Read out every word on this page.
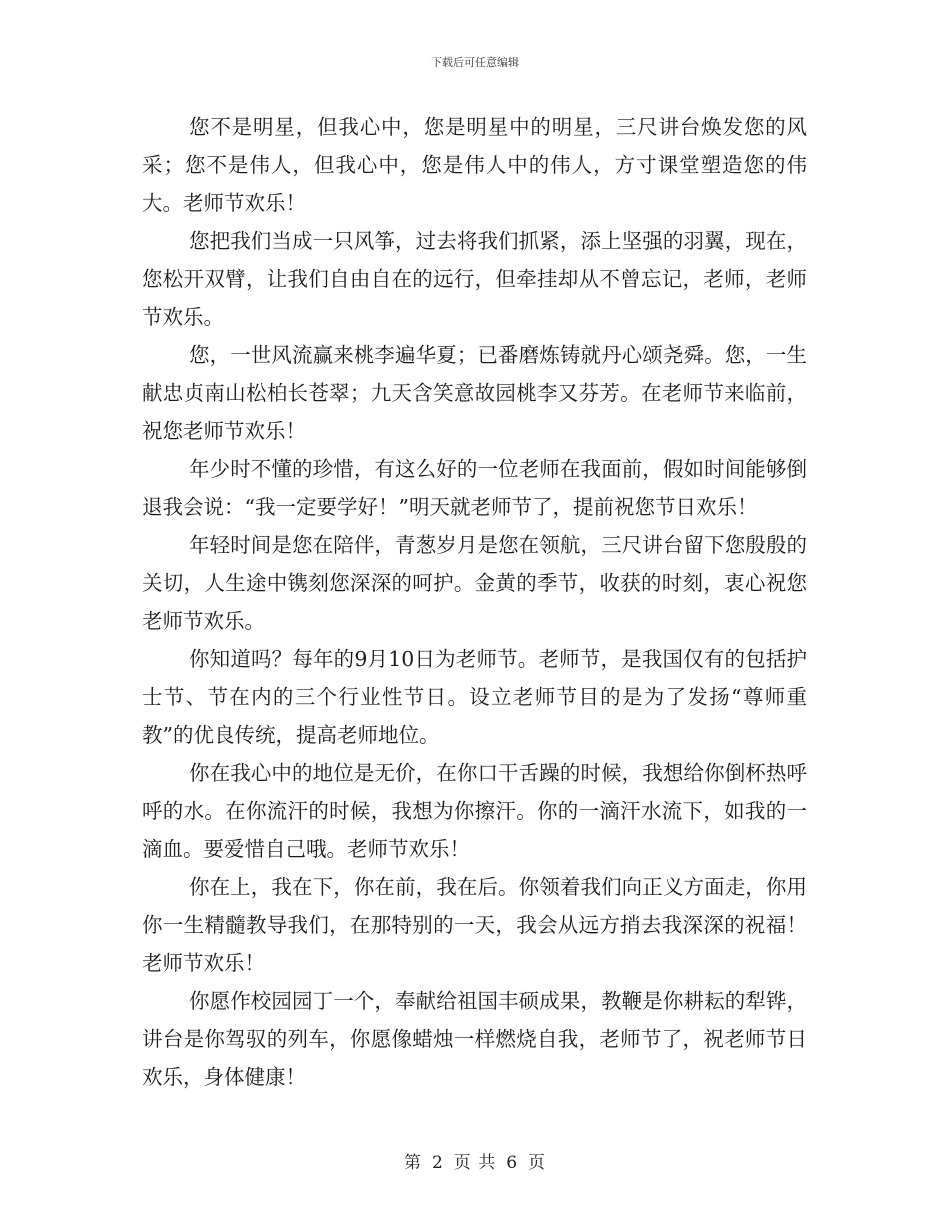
下载后可任意编辑

您不是明星，但我心中，您是明星中的明星，三尺讲台焕发您的风采；您不是伟人，但我心中，您是伟人中的伟人，方寸课堂塑造您的伟大。老师节欢乐！

您把我们当成一只风筝，过去将我们抓紧，添上坚强的羽翼，现在，您松开双臂，让我们自由自在的远行，但牵挂却从不曾忘记，老师，老师节欢乐。

您，一世风流赢来桃李遍华夏；已番磨炼铸就丹心颂尧舜。您，一生献忠贞南山松柏长苍翠；九天含笑意故园桃李又芬芳。在老师节来临前，祝您老师节欢乐！

年少时不懂的珍惜，有这么好的一位老师在我面前，假如时间能够倒退我会说：“我一定要学好！”明天就老师节了，提前祝您节日欢乐！

年轻时间是您在陪伴，青葱岁月是您在领航，三尺讲台留下您殷殷的关切，人生途中镌刻您深深的呵护。金黄的季节，收获的时刻，衷心祝您老师节欢乐。

你知道吗？每年的9月10日为老师节。老师节，是我国仅有的包括护士节、节在内的三个行业性节日。设立老师节目的是为了发扬“尊师重教”的优良传统，提高老师地位。

你在我心中的地位是无价，在你口干舌躁的时候，我想给你倒杯热呼呼的水。在你流汗的时候，我想为你擦汗。你的一滴汗水流下，如我的一滴血。要爱惜自己哦。老师节欢乐！

你在上，我在下，你在前，我在后。你领着我们向正义方面走，你用你一生精髓教导我们，在那特别的一天，我会从远方捎去我深深的祝福！老师节欢乐！

你愿作校园园丁一个，奉献给祖国丰硕成果，教鞭是你耕耘的犁铧，讲台是你驾驭的列车，你愿像蜡烛一样燃烧自我，老师节了，祝老师节日欢乐，身体健康！

第 2 页 共 6 页
